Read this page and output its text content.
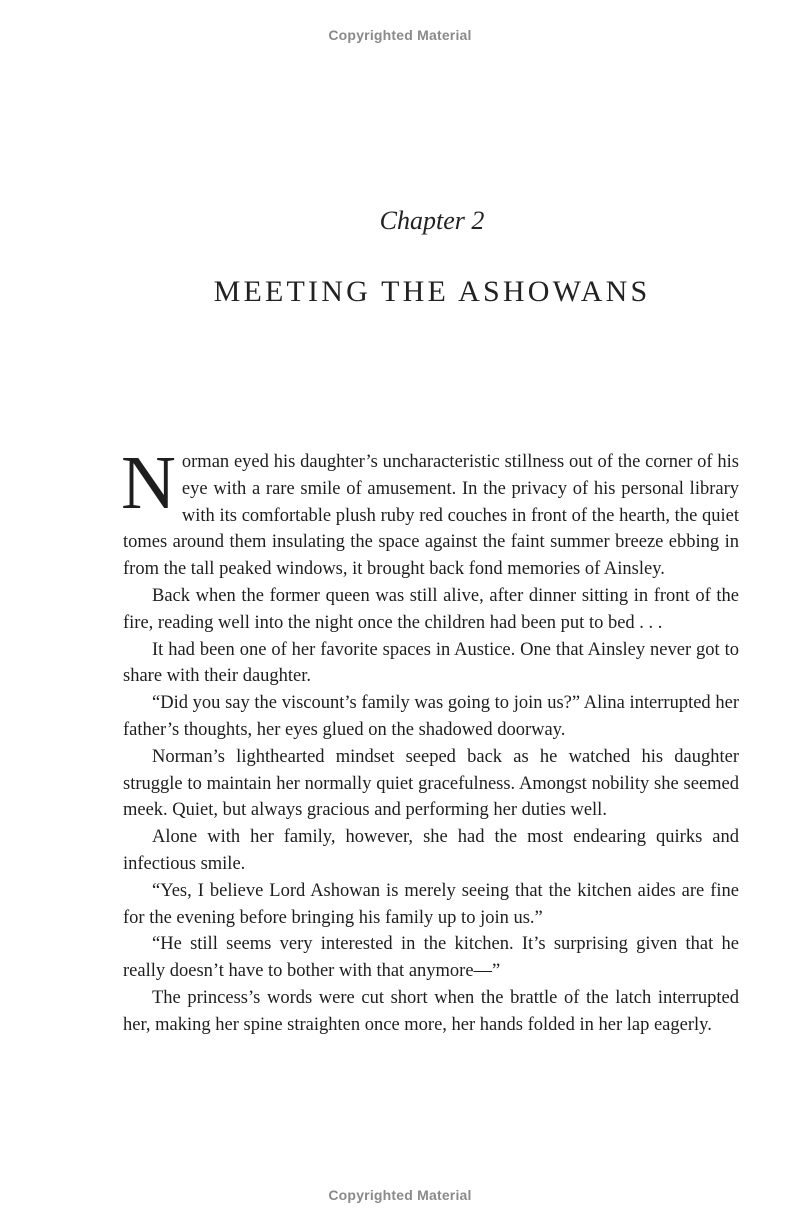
Copyrighted Material
Chapter 2
MEETING THE ASHOWANS

Norman eyed his daughter’s uncharacteristic stillness out of the corner of his eye with a rare smile of amusement. In the privacy of his personal library with its comfortable plush ruby red couches in front of the hearth, the quiet tomes around them insulating the space against the faint summer breeze ebbing in from the tall peaked windows, it brought back fond memories of Ainsley.

Back when the former queen was still alive, after dinner sitting in front of the fire, reading well into the night once the children had been put to bed . . .

It had been one of her favorite spaces in Austice. One that Ainsley never got to share with their daughter.

“Did you say the viscount’s family was going to join us?” Alina interrupted her father’s thoughts, her eyes glued on the shadowed doorway.

Norman’s lighthearted mindset seeped back as he watched his daughter struggle to maintain her normally quiet gracefulness. Amongst nobility she seemed meek. Quiet, but always gracious and performing her duties well.

Alone with her family, however, she had the most endearing quirks and infectious smile.

“Yes, I believe Lord Ashowan is merely seeing that the kitchen aides are fine for the evening before bringing his family up to join us.”

“He still seems very interested in the kitchen. It’s surprising given that he really doesn’t have to bother with that anymore—”

The princess’s words were cut short when the brattle of the latch interrupted her, making her spine straighten once more, her hands folded in her lap eagerly.

Copyrighted Material
